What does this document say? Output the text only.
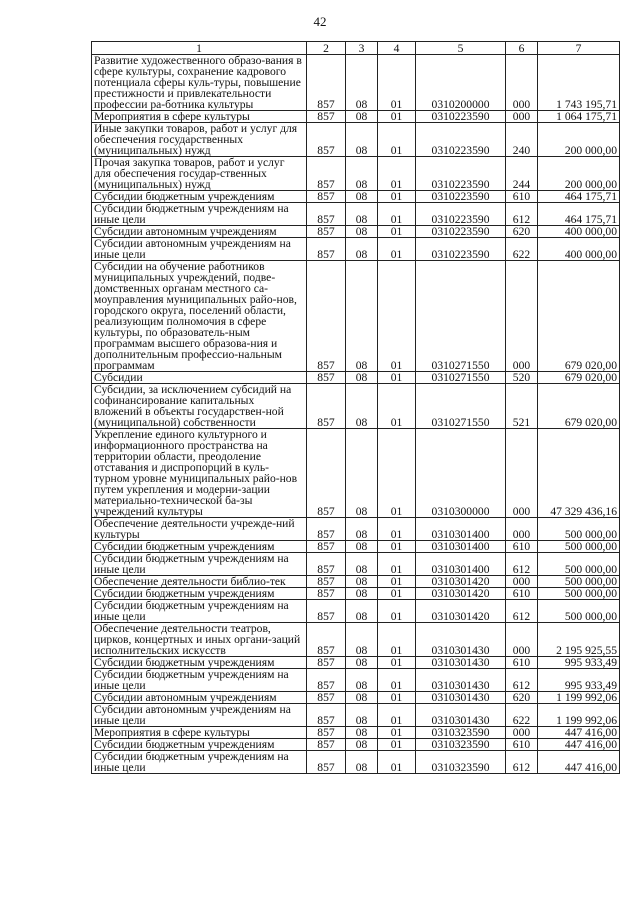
42
1	2	3	4	5	6	7
Развитие художественного образо-вания в сфере культуры, сохранение кадрового потенциала сферы куль-туры, повышение престижности и привлекательности профессии ра-ботника культуры	857	08	01	0310200000	000	1 743 195,71
Мероприятия в сфере культуры	857	08	01	0310223590	000	1 064 175,71
Иные закупки товаров, работ и услуг для обеспечения государственных (муниципальных) нужд	857	08	01	0310223590	240	200 000,00
Прочая закупка товаров, работ и услуг для обеспечения государ-ственных (муниципальных) нужд	857	08	01	0310223590	244	200 000,00
Субсидии бюджетным учреждениям	857	08	01	0310223590	610	464 175,71
Субсидии бюджетным учреждениям на иные цели	857	08	01	0310223590	612	464 175,71
Субсидии автономным учреждениям	857	08	01	0310223590	620	400 000,00
Субсидии автономным учреждениям на иные цели	857	08	01	0310223590	622	400 000,00
Субсидии на обучение работников муниципальных учреждений, подве-домственных органам местного са-моуправления муниципальных райо-нов, городского округа, поселений области, реализующим полномочия в сфере культуры, по образователь-ным программам высшего образова-ния и дополнительным профессио-нальным программам	857	08	01	0310271550	000	679 020,00
Субсидии	857	08	01	0310271550	520	679 020,00
Субсидии, за исключением субсидий на софинансирование капитальных вложений в объекты государствен-ной (муниципальной) собственности	857	08	01	0310271550	521	679 020,00
Укрепление единого культурного и информационного пространства на территории области, преодоление отставания и диспропорций в куль-турном уровне муниципальных райо-нов путем укрепления и модерни-зации материально-технической ба-зы учреждений культуры	857	08	01	0310300000	000	47 329 436,16
Обеспечение деятельности учрежде-ний культуры	857	08	01	0310301400	000	500 000,00
Субсидии бюджетным учреждениям	857	08	01	0310301400	610	500 000,00
Субсидии бюджетным учреждениям на иные цели	857	08	01	0310301400	612	500 000,00
Обеспечение деятельности библио-тек	857	08	01	0310301420	000	500 000,00
Субсидии бюджетным учреждениям	857	08	01	0310301420	610	500 000,00
Субсидии бюджетным учреждениям на иные цели	857	08	01	0310301420	612	500 000,00
Обеспечение деятельности театров, цирков, концертных и иных органи-заций исполнительских искусств	857	08	01	0310301430	000	2 195 925,55
Субсидии бюджетным учреждениям	857	08	01	0310301430	610	995 933,49
Субсидии бюджетным учреждениям на иные цели	857	08	01	0310301430	612	995 933,49
Субсидии автономным учреждениям	857	08	01	0310301430	620	1 199 992,06
Субсидии автономным учреждениям на иные цели	857	08	01	0310301430	622	1 199 992,06
Мероприятия в сфере культуры	857	08	01	0310323590	000	447 416,00
Субсидии бюджетным учреждениям	857	08	01	0310323590	610	447 416,00
Субсидии бюджетным учреждениям на иные цели	857	08	01	0310323590	612	447 416,00
